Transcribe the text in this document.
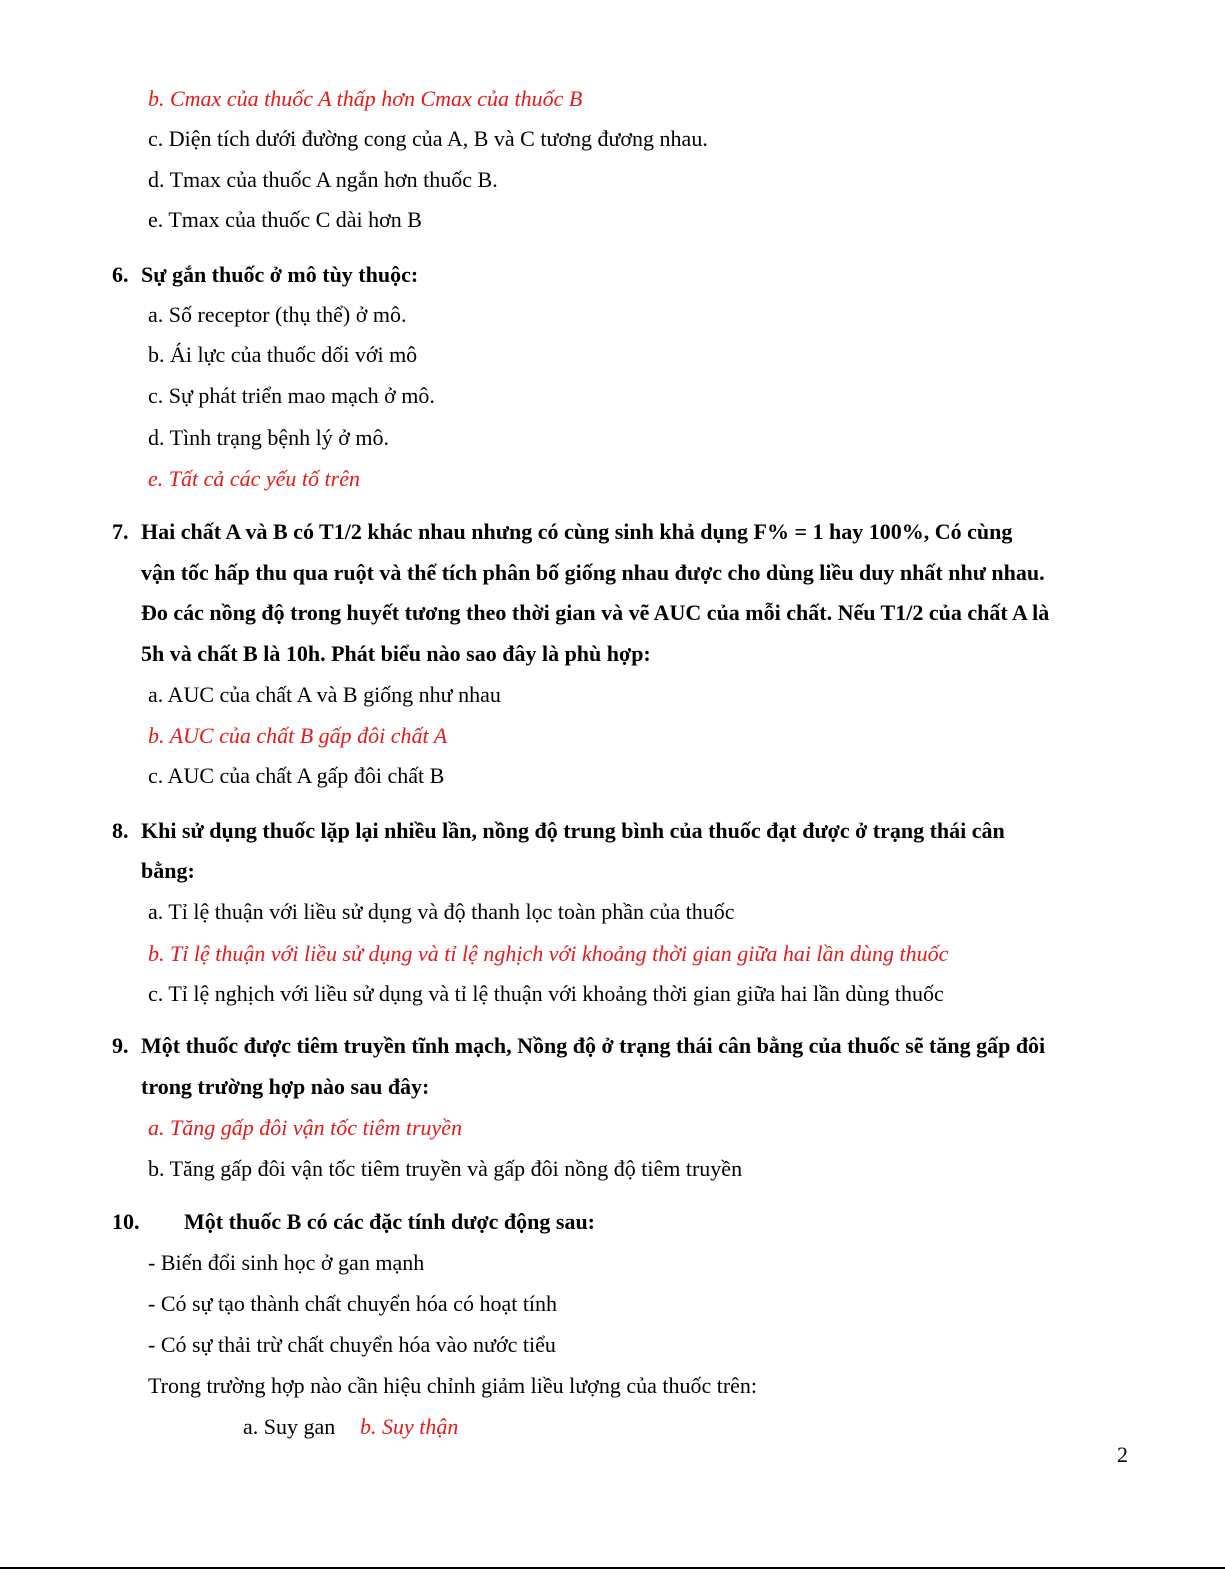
b. Cmax của thuốc A thấp hơn Cmax của thuốc B
c. Diện tích dưới đường cong của A, B và C tương đương nhau.
d. Tmax của thuốc A ngắn hơn thuốc B.
e. Tmax của thuốc C dài hơn B
6. Sự gắn thuốc ở mô tùy thuộc:
a. Số receptor (thụ thể) ở mô.
b. Ái lực của thuốc dối với mô
c. Sự phát triển mao mạch ở mô.
d. Tình trạng bệnh lý ở mô.
e. Tất cả các yếu tố trên
7. Hai chất A và B có T1/2 khác nhau nhưng có cùng sinh khả dụng F% = 1 hay 100%, Có cùng
vận tốc hấp thu qua ruột và thể tích phân bố giống nhau được cho dùng liều duy nhất như nhau.
Đo các nồng độ trong huyết tương theo thời gian và vẽ AUC của mỗi chất. Nếu T1/2 của chất A là
5h và chất B là 10h. Phát biểu nào sao đây là phù hợp:
a. AUC của chất A và B giống như nhau
b. AUC của chất B gấp đôi chất A
c. AUC của chất A gấp đôi chất B
8. Khi sử dụng thuốc lặp lại nhiều lần, nồng độ trung bình của thuốc đạt được ở trạng thái cân
bằng:
a. Tỉ lệ thuận với liều sử dụng và độ thanh lọc toàn phần của thuốc
b. Tỉ lệ thuận với liều sử dụng và tỉ lệ nghịch với khoảng thời gian giữa hai lần dùng thuốc
c. Tỉ lệ nghịch với liều sử dụng và tỉ lệ thuận với khoảng thời gian giữa hai lần dùng thuốc
9. Một thuốc được tiêm truyền tĩnh mạch, Nồng độ ở trạng thái cân bằng của thuốc sẽ tăng gấp đôi
trong trường hợp nào sau đây:
a. Tăng gấp đôi vận tốc tiêm truyền
b. Tăng gấp đôi vận tốc tiêm truyền và gấp đôi nồng độ tiêm truyền
10. Một thuốc B có các đặc tính dược động sau:
- Biến đổi sinh học ở gan mạnh
- Có sự tạo thành chất chuyển hóa có hoạt tính
- Có sự thải trừ chất chuyển hóa vào nước tiểu
Trong trường hợp nào cần hiệu chỉnh giảm liều lượng của thuốc trên:
a. Suy gan b. Suy thận
2
